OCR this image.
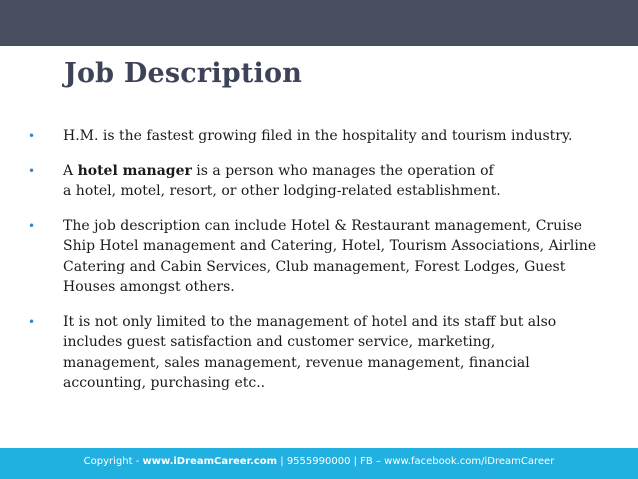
Job Description
• H.M. is the fastest growing filed in the hospitality and tourism industry.
• A hotel manager is a person who manages the operation of
a hotel, motel, resort, or other lodging-related establishment.
• The job description can include Hotel & Restaurant management, Cruise
Ship Hotel management and Catering, Hotel, Tourism Associations, Airline
Catering and Cabin Services, Club management, Forest Lodges, Guest
Houses amongst others.
• It is not only limited to the management of hotel and its staff but also
includes guest satisfaction and customer service, marketing,
management, sales management, revenue management, financial
accounting, purchasing etc..
Copyright - www.iDreamCareer.com | 9555990000 | FB – www.facebook.com/iDreamCareer
